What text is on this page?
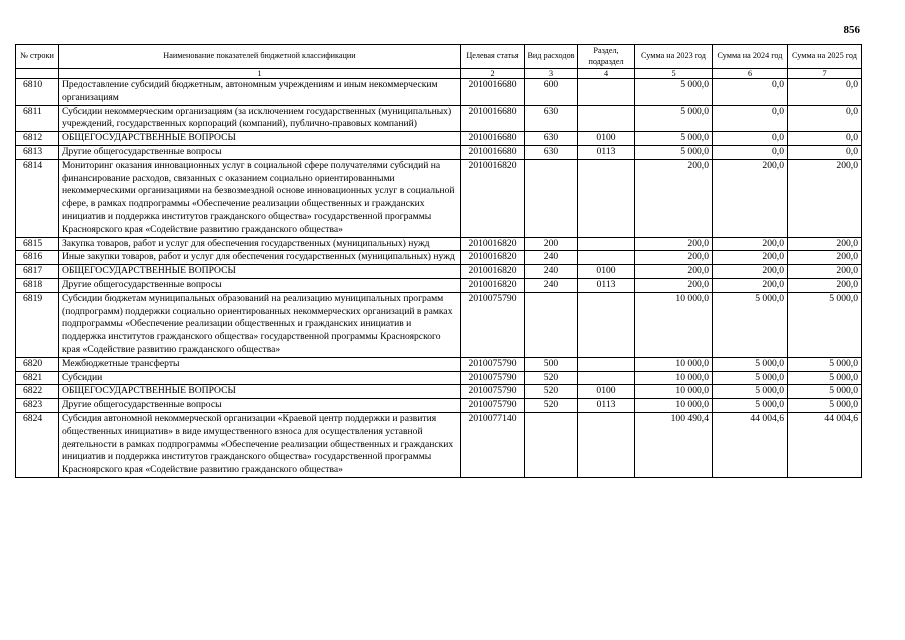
856
№ строки	Наименование показателей бюджетной классификации	Целевая статья	Вид расходов	Раздел, подраздел	Сумма на 2023 год	Сумма на 2024 год	Сумма на 2025 год
	1	2	3	4	5	6	7
6810	Предоставление субсидий бюджетным, автономным учреждениям и иным некоммерческим организациям	2010016680	600		5 000,0	0,0	0,0
6811	Субсидии некоммерческим организациям (за исключением государственных (муниципальных) учреждений, государственных корпораций (компаний), публично-правовых компаний)	2010016680	630		5 000,0	0,0	0,0
6812	ОБЩЕГОСУДАРСТВЕННЫЕ ВОПРОСЫ	2010016680	630	0100	5 000,0	0,0	0,0
6813	Другие общегосударственные вопросы	2010016680	630	0113	5 000,0	0,0	0,0
6814	Мониторинг оказания инновационных услуг в социальной сфере получателями субсидий на финансирование расходов, связанных с оказанием социально ориентированными некоммерческими организациями на безвозмездной основе инновационных услуг в социальной сфере, в рамках подпрограммы «Обеспечение реализации общественных и гражданских инициатив и поддержка институтов гражданского общества» государственной программы Красноярского края «Содействие развитию гражданского общества»	2010016820			200,0	200,0	200,0
6815	Закупка товаров, работ и услуг для обеспечения государственных (муниципальных) нужд	2010016820	200		200,0	200,0	200,0
6816	Иные закупки товаров, работ и услуг для обеспечения государственных (муниципальных) нужд	2010016820	240		200,0	200,0	200,0
6817	ОБЩЕГОСУДАРСТВЕННЫЕ ВОПРОСЫ	2010016820	240	0100	200,0	200,0	200,0
6818	Другие общегосударственные вопросы	2010016820	240	0113	200,0	200,0	200,0
6819	Субсидии бюджетам муниципальных образований на реализацию муниципальных программ (подпрограмм) поддержки социально ориентированных некоммерческих организаций в рамках подпрограммы «Обеспечение реализации общественных и гражданских инициатив и поддержка институтов гражданского общества» государственной программы Красноярского края «Содействие развитию гражданского общества»	2010075790			10 000,0	5 000,0	5 000,0
6820	Межбюджетные трансферты	2010075790	500		10 000,0	5 000,0	5 000,0
6821	Субсидии	2010075790	520		10 000,0	5 000,0	5 000,0
6822	ОБЩЕГОСУДАРСТВЕННЫЕ ВОПРОСЫ	2010075790	520	0100	10 000,0	5 000,0	5 000,0
6823	Другие общегосударственные вопросы	2010075790	520	0113	10 000,0	5 000,0	5 000,0
6824	Субсидия автономной некоммерческой организации «Краевой центр поддержки и развития общественных инициатив» в виде имущественного взноса для осуществления уставной деятельности в рамках подпрограммы «Обеспечение реализации общественных и гражданских инициатив и поддержка институтов гражданского общества» государственной программы Красноярского края «Содействие развитию гражданского общества»	2010077140			100 490,4	44 004,6	44 004,6
